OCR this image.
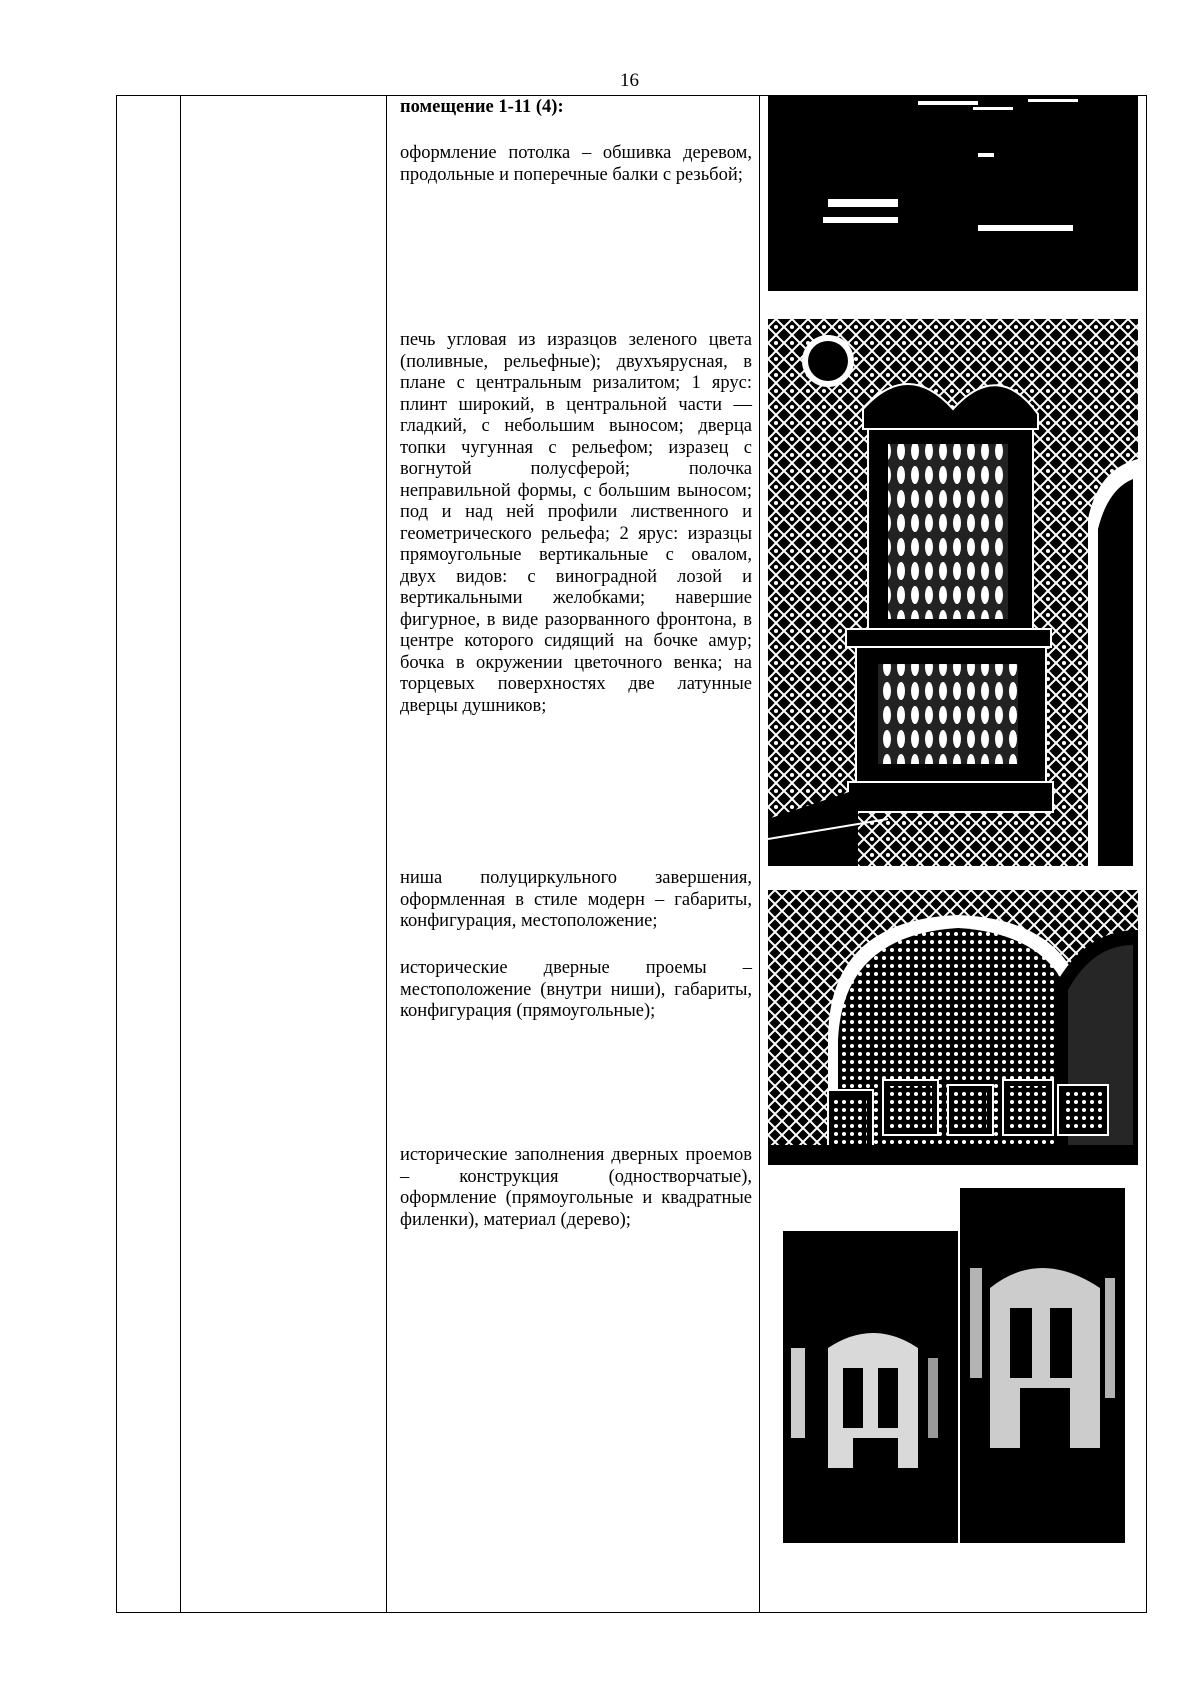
16
помещение 1-11 (4):
оформление потолка – обшивка деревом, продольные и поперечные балки с резьбой;
печь угловая из изразцов зеленого цвета (поливные, рельефные); двухъярусная, в плане с центральным ризалитом; 1 ярус: плинт широкий, в центральной части — гладкий, с небольшим выносом; дверца топки чугунная с рельефом; изразец с вогнутой полусферой; полочка неправильной формы, с большим выносом; под и над ней профили лиственного и геометрического рельефа; 2 ярус: изразцы прямоугольные вертикальные с овалом, двух видов: с виноградной лозой и вертикальными желобками; навершие фигурное, в виде разорванного фронтона, в центре которого сидящий на бочке амур; бочка в окружении цветочного венка; на торцевых поверхностях две латунные дверцы душников;
ниша полуциркульного завершения, оформленная в стиле модерн – габариты, конфигурация, местоположение;
исторические дверные проемы – местоположение (внутри ниши), габариты, конфигурация (прямоугольные);
исторические заполнения дверных проемов – конструкция (одностворчатые), оформление (прямоугольные и квадратные филенки), материал (дерево);
